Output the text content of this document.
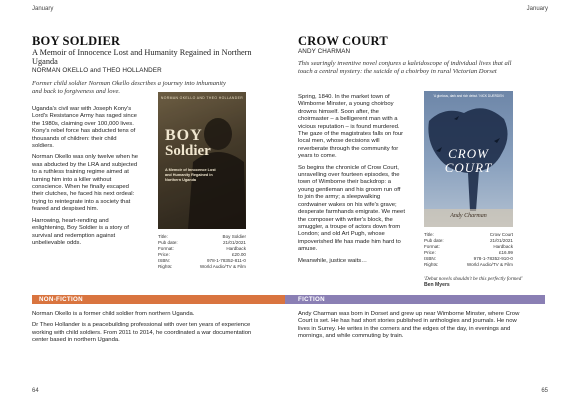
January
BOY SOLDIER
A Memoir of Innocence Lost and Humanity Regained in Northern Uganda
NORMAN OKELLO and THEO HOLLANDER
Former child soldier Norman Okello describes a journey into inhumanity and back to forgiveness and love.

Uganda's civil war with Joseph Kony's Lord's Resistance Army has raged since the 1980s, claiming over 100,000 lives. Kony's rebel force has abducted tens of thousands of children: their child soldiers.

Norman Okello was only twelve when he was abducted by the LRA and subjected to a ruthless training regime aimed at turning him into a killer without conscience. When he finally escaped their clutches, he faced his next ordeal: trying to reintegrate into a society that feared and despised him.

Harrowing, heart-rending and enlightening, Boy Soldier is a story of survival and redemption against unbelievable odds.

NORMAN OKELLO AND THEO HOLLANDER
BOY
Soldier
A Memoir of Innocence Lost and Humanity Regained in Northern Uganda
Title:	Boy Soldier
Pub date:	21/01/2021
Format:	Hardback
Price:	£20.00
ISBN:	978-1-78352-811-0
Rights:	World Audio/TV & Film
NON-FICTION

Norman Okello is a former child soldier from northern Uganda.

Dr Theo Hollander is a peacebuilding professional with over ten years of experience working with child soldiers. From 2011 to 2014, he coordinated a war documentation center based in northern Uganda.

64
January
CROW COURT
ANDY CHARMAN
This searingly inventive novel conjures a kaleidoscope of individual lives that all touch a central mystery: the suicide of a choirboy in rural Victorian Dorset

Spring, 1840. In the market town of Wimborne Minster, a young choirboy drowns himself. Soon after, the choirmaster – a belligerent man with a vicious reputation – is found murdered. The gaze of the magistrates falls on four local men, whose decisions will reverberate through the community for years to come.

So begins the chronicle of Crow Court, unravelling over fourteen episodes, the town of Wimborne their backdrop: a young gentleman and his groom run off to join the army; a sleepwalking cordwainer wakes on his wife's grave; desperate farmhands emigrate. We meet the composer with writer's block, the smuggler, a troupe of actors down from London; and old Art Pugh, whose impoverished life has made him hard to amuse.

Meanwhile, justice waits…

'A glorious, dark and rich debut.' NICK DUERDEN
CROW
COURT
Andy Charman
Title:	Crow Court
Pub date:	21/01/2021
Format:	Hardback
Price:	£16.99
ISBN:	978-1-78352-910-0
Rights:	World Audio/TV & Film
'Debut novels shouldn't be this perfectly formed' Ben Myers
FICTION

Andy Charman was born in Dorset and grew up near Wimborne Minster, where Crow Court is set. He has had short stories published in anthologies and journals. He now lives in Surrey. He writes in the corners and the edges of the day, in evenings and mornings, and while commuting by train.

65
